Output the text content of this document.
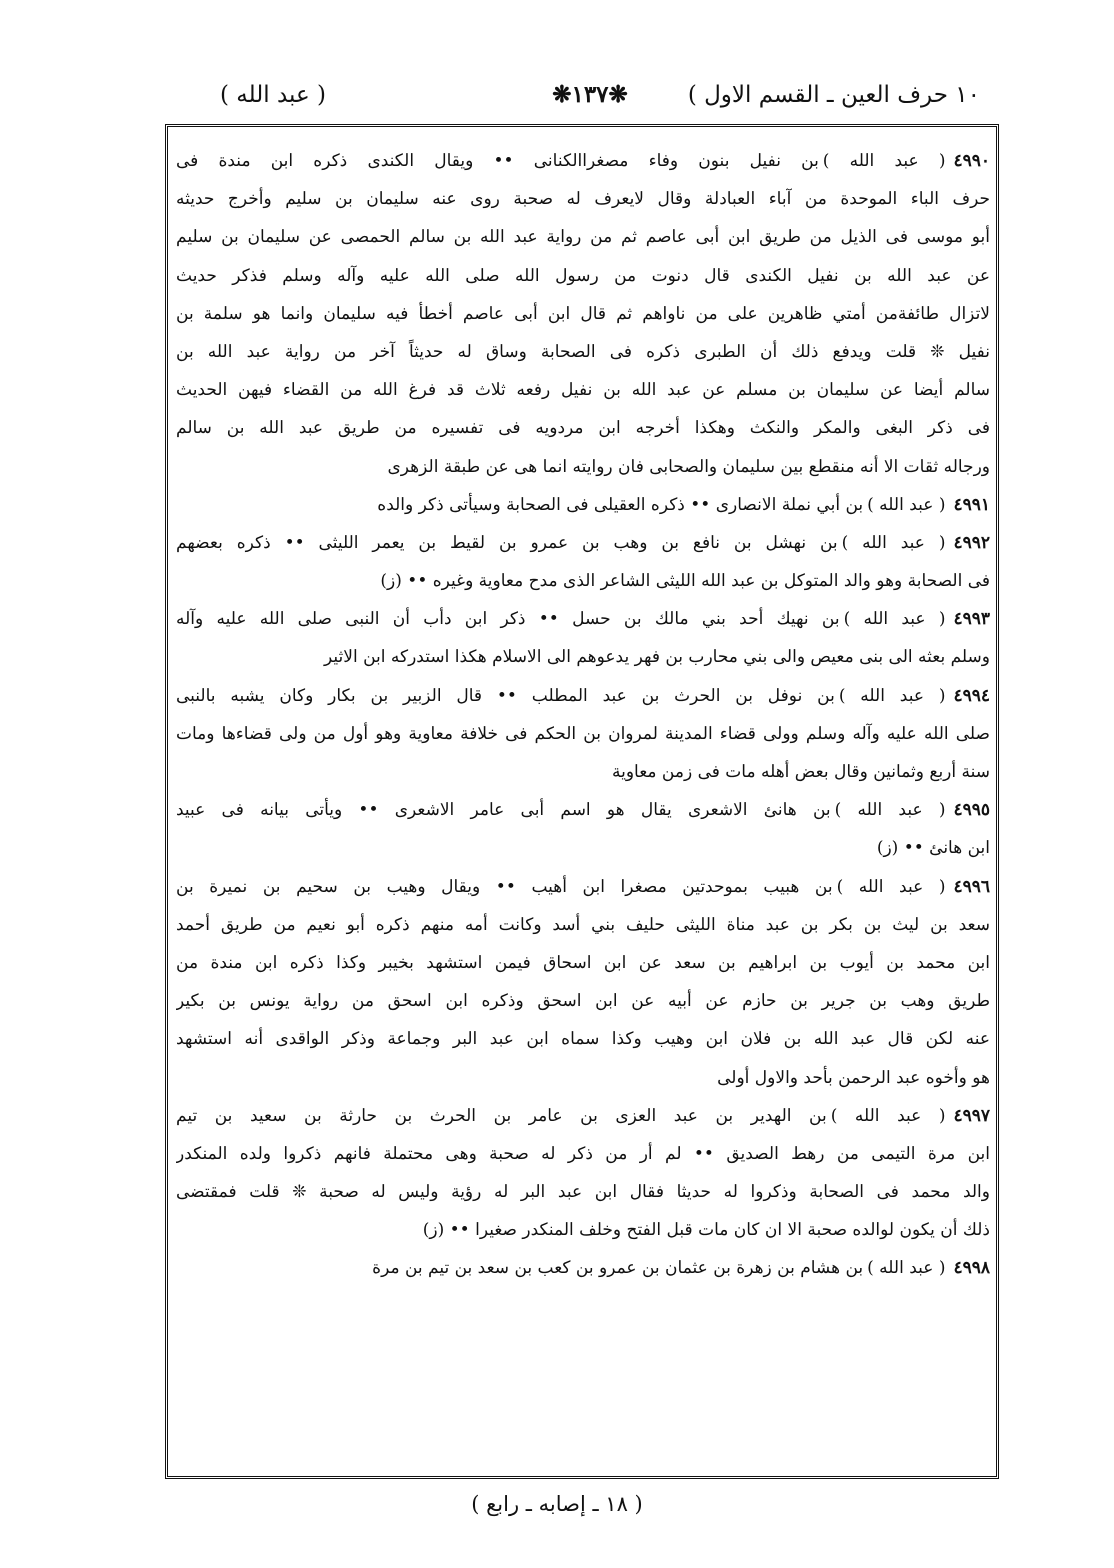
١٠ حرف العين ـ القسم الاول )
❋١٣٧❋
( عبد الله )
٤٩٩٠( عبد الله )بن نفيل بنون وفاء مصغراالكنانى •• ويقال الكندى ذكره ابن مندة فى
حرف الباء الموحدة من آباء العبادلة وقال لايعرف له صحبة روى عنه سليمان بن سليم وأخرج حديثه
أبو موسى فى الذيل من طريق ابن أبى عاصم ثم من رواية عبد الله بن سالم الحمصى عن سليمان بن سليم
عن عبد الله بن نفيل الكندى قال دنوت من رسول الله صلى الله عليه وآله وسلم فذكر حديث
لاتزال طائفةمن أمتي ظاهرين على من ناواهم ثم قال ابن أبى عاصم أخطأ فيه سليمان وانما هو سلمة بن
نفيل ❊ قلت ويدفع ذلك أن الطبرى ذكره فى الصحابة وساق له حديثاً آخر من رواية عبد الله بن
سالم أيضا عن سليمان بن مسلم عن عبد الله بن نفيل رفعه ثلاث قد فرغ الله من القضاء فيهن الحديث
فى ذكر البغى والمكر والنكث وهكذا أخرجه ابن مردويه فى تفسيره من طريق عبد الله بن سالم
ورجاله ثقات الا أنه منقطع بين سليمان والصحابى فان روايته انما هى عن طبقة الزهرى
٤٩٩١( عبد الله )بن أبي نملة الانصارى •• ذكره العقيلى فى الصحابة وسيأتى ذكر والده
٤٩٩٢( عبد الله )بن نهشل بن نافع بن وهب بن عمرو بن لقيط بن يعمر الليثى •• ذكره بعضهم
فى الصحابة وهو والد المتوكل بن عبد الله الليثى الشاعر الذى مدح معاوية وغيره •• (ز)
٤٩٩٣( عبد الله )بن نهيك أحد بني مالك بن حسل •• ذكر ابن دأب أن النبى صلى الله عليه وآله
وسلم بعثه الى بنى معيص والى بني محارب بن فهر يدعوهم الى الاسلام هكذا استدركه ابن الاثير
٤٩٩٤( عبد الله )بن نوفل بن الحرث بن عبد المطلب •• قال الزبير بن بكار وكان يشبه بالنبى
صلى الله عليه وآله وسلم وولى قضاء المدينة لمروان بن الحكم فى خلافة معاوية وهو أول من ولى قضاءها ومات
سنة أربع وثمانين وقال بعض أهله مات فى زمن معاوية
٤٩٩٥( عبد الله )بن هانئ الاشعرى يقال هو اسم أبى عامر الاشعرى •• ويأتى بيانه فى عبيد
ابن هانئ •• (ز)
٤٩٩٦( عبد الله )بن هبيب بموحدتين مصغرا ابن أهيب •• ويقال وهيب بن سحيم بن نميرة بن
سعد بن ليث بن بكر بن عبد مناة الليثى حليف بني أسد وكانت أمه منهم ذكره أبو نعيم من طريق أحمد
ابن محمد بن أيوب بن ابراهيم بن سعد عن ابن اسحاق فيمن استشهد بخيبر وكذا ذكره ابن مندة من
طريق وهب بن جرير بن حازم عن أبيه عن ابن اسحق وذكره ابن اسحق من رواية يونس بن بكير
عنه لكن قال عبد الله بن فلان ابن وهيب وكذا سماه ابن عبد البر وجماعة وذكر الواقدى أنه استشهد
هو وأخوه عبد الرحمن بأحد والاول أولى
٤٩٩٧( عبد الله )بن الهدير بن عبد العزى بن عامر بن الحرث بن حارثة بن سعيد بن تيم
ابن مرة التيمى من رهط الصديق •• لم أر من ذكر له صحبة وهى محتملة فانهم ذكروا ولده المنكدر
والد محمد فى الصحابة وذكروا له حديثا فقال ابن عبد البر له رؤية وليس له صحبة ❊ قلت فمقتضى
ذلك أن يكون لوالده صحبة الا ان كان مات قبل الفتح وخلف المنكدر صغيرا •• (ز)
٤٩٩٨( عبد الله )بن هشام بن زهرة بن عثمان بن عمرو بن كعب بن سعد بن تيم بن مرة
( ١٨ ـ إصابه ـ رابع )
